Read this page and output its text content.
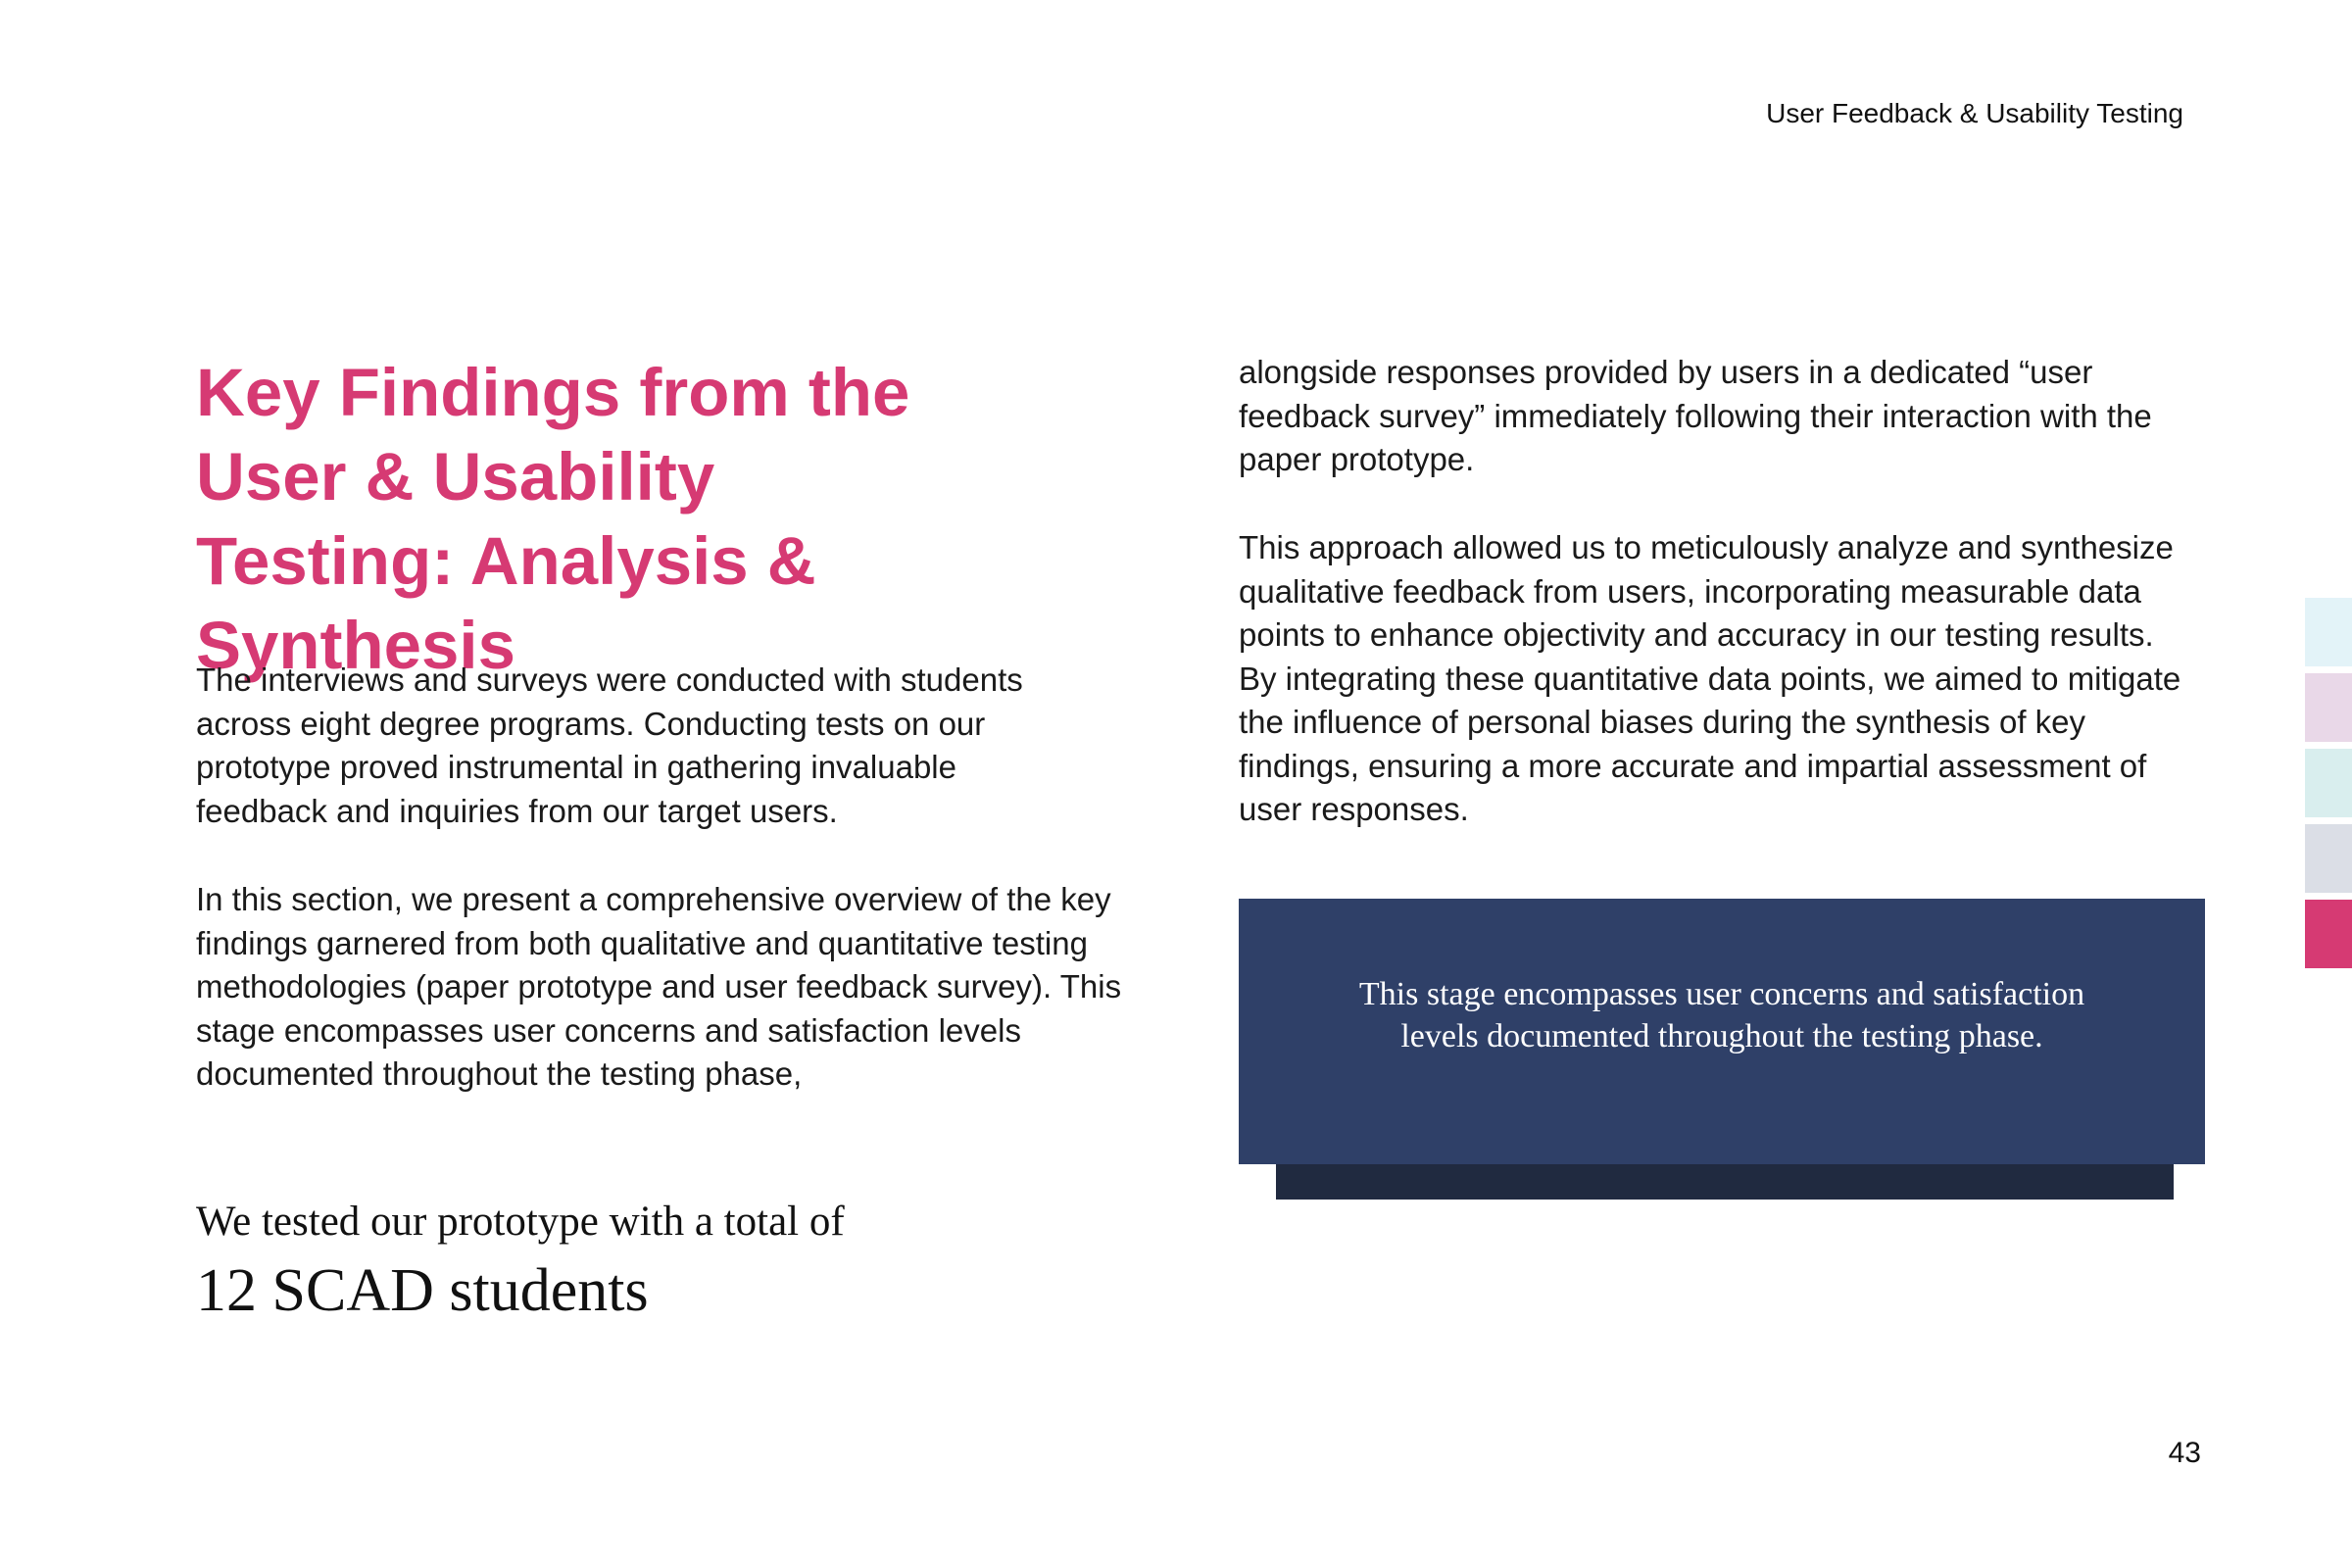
User Feedback & Usability Testing
Key Findings from the
User & Usability
Testing: Analysis &
Synthesis

The interviews and surveys were conducted with students
across eight degree programs. Conducting tests on our
prototype proved instrumental in gathering invaluable
feedback and inquiries from our target users.

In this section, we present a comprehensive overview of the key
findings garnered from both qualitative and quantitative testing
methodologies (paper prototype and user feedback survey). This
stage encompasses user concerns and satisfaction levels
documented throughout the testing phase,

alongside responses provided by users in a dedicated “user
feedback survey” immediately following their interaction with the
paper prototype.

This approach allowed us to meticulously analyze and synthesize
qualitative feedback from users, incorporating measurable data
points to enhance objectivity and accuracy in our testing results.
By integrating these quantitative data points, we aimed to mitigate
the influence of personal biases during the synthesis of key
findings, ensuring a more accurate and impartial assessment of
user responses.

This stage encompasses user concerns and satisfaction levels documented throughout the testing phase.

We tested our prototype with a total of

12 SCAD students

43
